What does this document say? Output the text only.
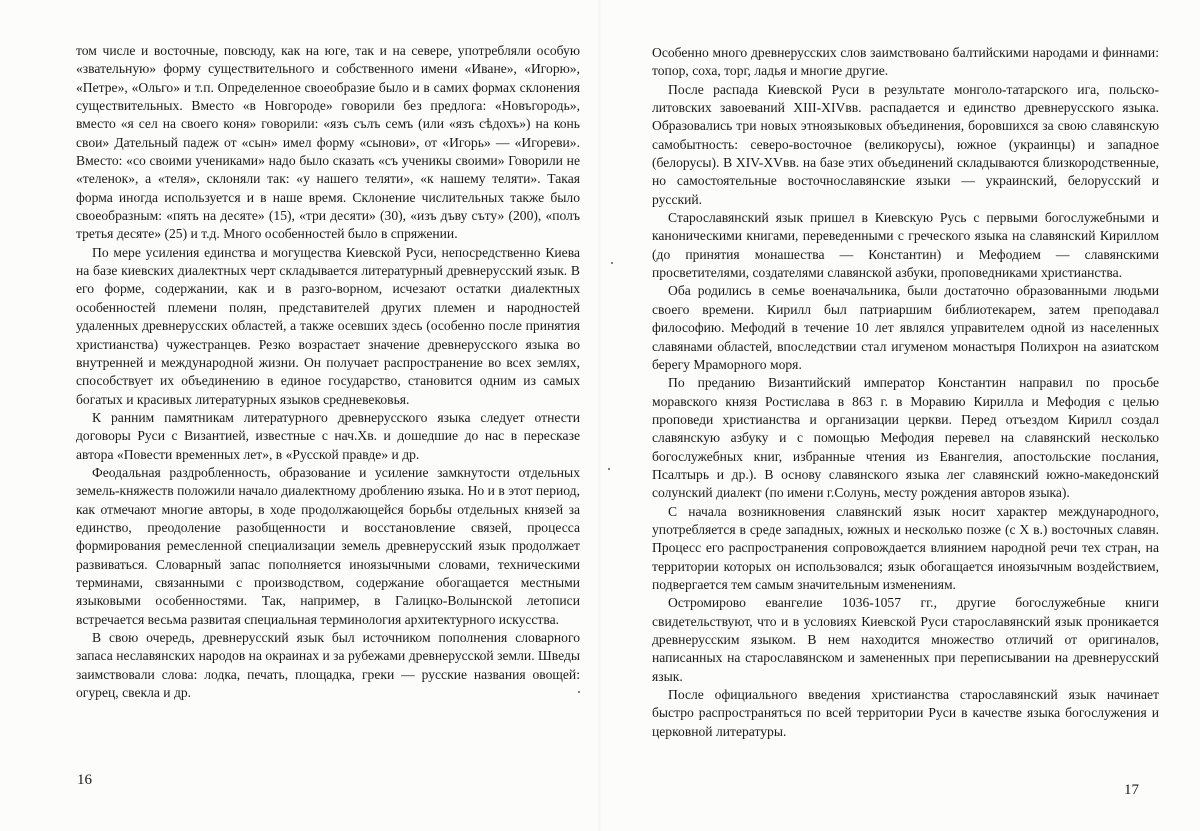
том числе и восточные, повсюду, как на юге, так и на севере, употребляли особую «звательную» форму существительного и собственного имени «Иване», «Игорю», «Петре», «Ольго» и т.п. Определенное своеобразие было и в самих формах склонения существительных. Вместо «в Новгороде» говорили без предлога: «Новъгородь», вместо «я сел на своего коня» говорили: «язъ сълъ семъ (или «язъ сѣдохъ») на конь свои» Дательный падеж от «сын» имел форму «сынови», от «Игорь» — «Игореви». Вместо: «со своими учениками» надо было сказать «съ ученикы своими» Говорили не «теленок», а «теля», склоняли так: «у нашего теляти», «к нашему теляти». Такая форма иногда используется и в наше время. Склонение числительных также было своеобразным: «пять на десяте» (15), «три десяти» (30), «изъ дъву съту» (200), «полъ третья десяте» (25) и т.д. Много особенностей было в спряжении.

По мере усиления единства и могущества Киевской Руси, непосредственно Киева на базе киевских диалектных черт складывается литературный древнерусский язык. В его форме, содержании, как и в разго-ворном, исчезают остатки диалектных особенностей племени полян, представителей других племен и народностей удаленных древнерусских областей, а также осевших здесь (особенно после принятия христианства) чужестранцев. Резко возрастает значение древнерусского языка во внутренней и международной жизни. Он получает распространение во всех землях, способствует их объединению в единое государство, становится одним из самых богатых и красивых литературных языков средневековья.

К ранним памятникам литературного древнерусского языка следует отнести договоры Руси с Византией, известные с нач.Хв. и дошедшие до нас в пересказе автора «Повести временных лет», в «Русской правде» и др.

Феодальная раздробленность, образование и усиление замкнутости отдельных земель-княжеств положили начало диалектному дроблению языка. Но и в этот период, как отмечают многие авторы, в ходе продолжающейся борьбы отдельных князей за единство, преодоление разобщенности и восстановление связей, процесса формирования ремесленной специализации земель древнерусский язык продолжает развиваться. Словарный запас пополняется иноязычными словами, техническими терминами, связанными с производством, содержание обогащается местными языковыми особенностями. Так, например, в Галицко-Волынской летописи встречается весьма развитая специальная терминология архитектурного искусства.

В свою очередь, древнерусский язык был источником пополнения словарного запаса неславянских народов на окраинах и за рубежами древнерусской земли. Шведы заимствовали слова: лодка, печать, площадка, греки — русские названия овощей: огурец, свекла и др.

16

Особенно много древнерусских слов заимствовано балтийскими народами и финнами: топор, соха, торг, ладья и многие другие.

После распада Киевской Руси в результате монголо-татарского ига, польско-литовских завоеваний XIII-XIVвв. распадается и единство древнерусского языка. Образовались три новых этноязыковых объединения, боровшихся за свою славянскую самобытность: северо-восточное (великорусы), южное (украинцы) и западное (белорусы). В XIV-XVвв. на базе этих объединений складываются близкородственные, но самостоятельные восточнославянские языки — украинский, белорусский и русский.

Старославянский язык пришел в Киевскую Русь с первыми богослужебными и каноническими книгами, переведенными с греческого языка на славянский Кириллом (до принятия монашества — Константин) и Мефодием — славянскими просветителями, создателями славянской азбуки, проповедниками христианства.

Оба родились в семье военачальника, были достаточно образованными людьми своего времени. Кирилл был патриаршим библиотекарем, затем преподавал философию. Мефодий в течение 10 лет являлся управителем одной из населенных славянами областей, впоследствии стал игуменом монастыря Полихрон на азиатском берегу Мраморного моря.

По преданию Византийский император Константин направил по просьбе моравского князя Ростислава в 863 г. в Моравию Кирилла и Мефодия с целью проповеди христианства и организации церкви. Перед отъездом Кирилл создал славянскую азбуку и с помощью Мефодия перевел на славянский несколько богослужебных книг, избранные чтения из Евангелия, апостольские послания, Псалтырь и др.). В основу славянского языка лег славянский южно-македонский солунский диалект (по имени г.Солунь, месту рождения авторов языка).

С начала возникновения славянский язык носит характер международного, употребляется в среде западных, южных и несколько позже (с X в.) восточных славян. Процесс его распространения сопровождается влиянием народной речи тех стран, на территории которых он использовался; язык обогащается иноязычным воздействием, подвергается тем самым значительным изменениям.

Остромирово евангелие 1036-1057 гг., другие богослужебные книги свидетельствуют, что и в условиях Киевской Руси старославянский язык проникается древнерусским языком. В нем находится множество отличий от оригиналов, написанных на старославянском и замененных при переписывании на древнерусский язык.

После официального введения христианства старославянский язык начинает быстро распространяться по всей территории Руси в качестве языка богослужения и церковной литературы.

17
